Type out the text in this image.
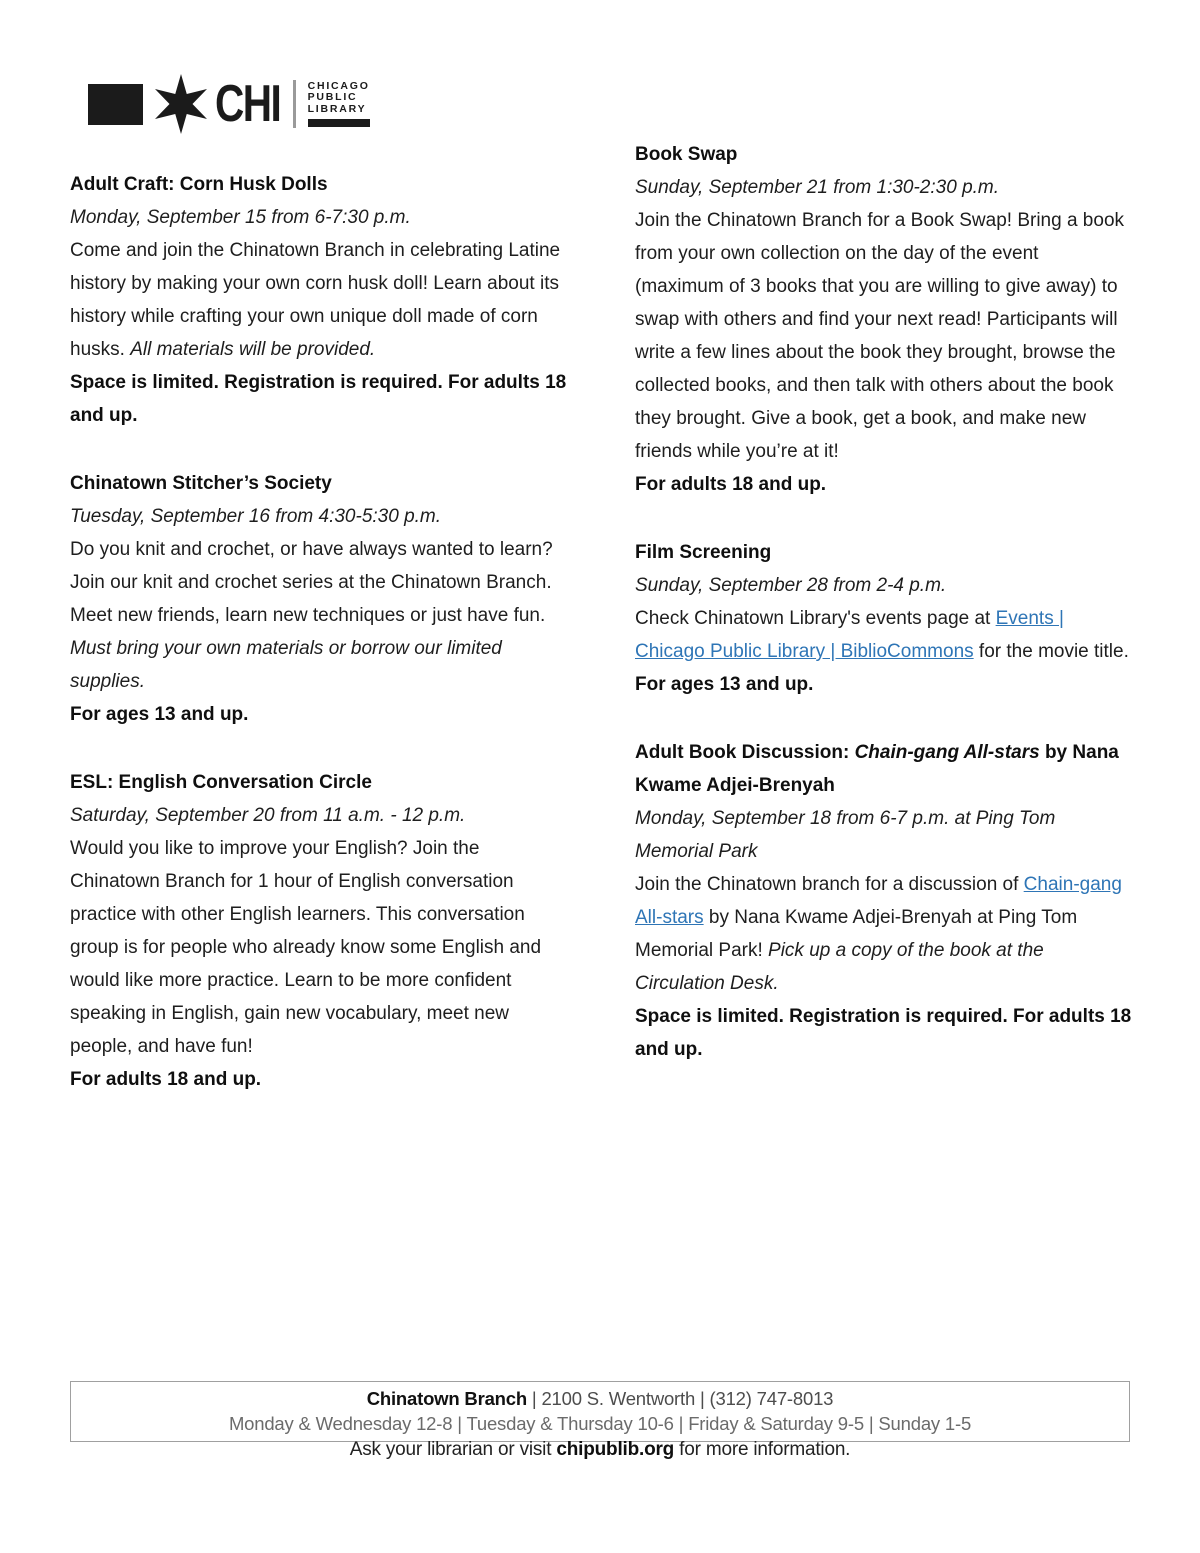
CHI	CHICAGO
PUBLIC
LIBRARY

Adult Craft: Corn Husk Dolls

Monday, September 15 from 6-7:30 p.m.

Come and join the Chinatown Branch in celebrating Latine history by making your own corn husk doll! Learn about its history while crafting your own unique doll made of corn husks. All materials will be provided.

Space is limited. Registration is required. For adults 18 and up.

Chinatown Stitcher’s Society

Tuesday, September 16 from 4:30-5:30 p.m.

Do you knit and crochet, or have always wanted to learn? Join our knit and crochet series at the Chinatown Branch. Meet new friends, learn new techniques or just have fun.

Must bring your own materials or borrow our limited supplies.

For ages 13 and up.

ESL: English Conversation Circle

Saturday, September 20 from 11 a.m. - 12 p.m.

Would you like to improve your English? Join the Chinatown Branch for 1 hour of English conversation practice with other English learners. This conversation group is for people who already know some English and would like more practice. Learn to be more confident speaking in English, gain new vocabulary, meet new people, and have fun!

For adults 18 and up.

Book Swap

Sunday, September 21 from 1:30-2:30 p.m.

Join the Chinatown Branch for a Book Swap! Bring a book from your own collection on the day of the event (maximum of 3 books that you are willing to give away) to swap with others and find your next read! Participants will write a few lines about the book they brought, browse the collected books, and then talk with others about the book they brought. Give a book, get a book, and make new friends while you’re at it!

For adults 18 and up.

Film Screening

Sunday, September 28 from 2-4 p.m.

Check Chinatown Library's events page at Events | Chicago Public Library | BiblioCommons for the movie title.

For ages 13 and up.

Adult Book Discussion: Chain-gang All-stars by Nana Kwame Adjei-Brenyah

Monday, September 18 from 6-7 p.m. at Ping Tom Memorial Park

Join the Chinatown branch for a discussion of Chain-gang All-stars by Nana Kwame Adjei-Brenyah at Ping Tom Memorial Park! Pick up a copy of the book at the Circulation Desk.

Space is limited. Registration is required. For adults 18 and up.

Chinatown Branch | 2100 S. Wentworth | (312) 747-8013

Monday & Wednesday 12-8 | Tuesday & Thursday 10-6 | Friday & Saturday 9-5 | Sunday 1-5

Ask your librarian or visit chipublib.org for more information.
